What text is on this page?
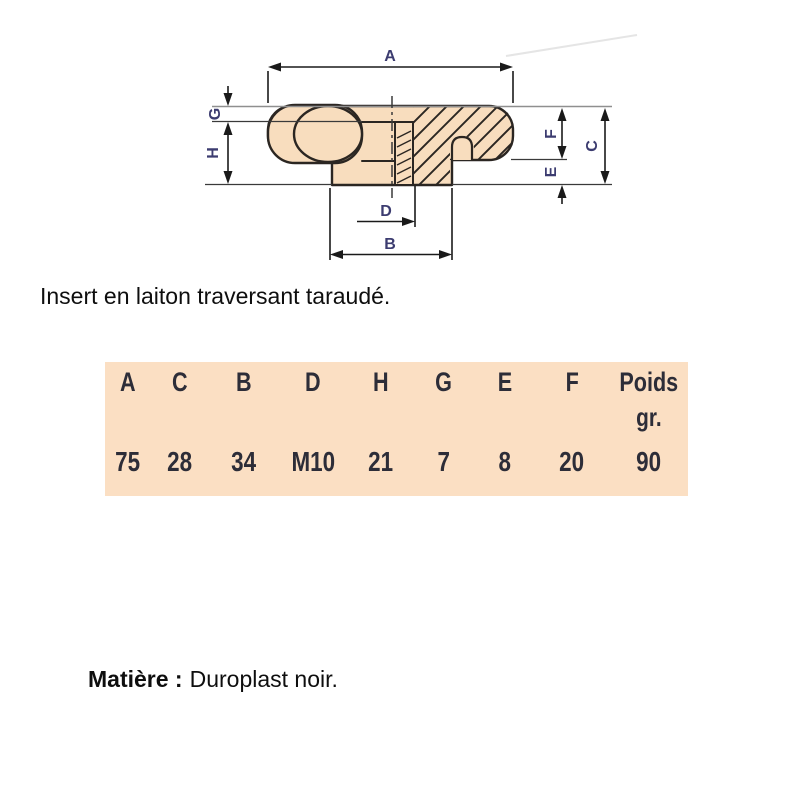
A
G
H
F
E
C
D
B
Insert en laiton traversant taraudé.
A
75
C
28
B
34
D
M10
H
21
G
7
E
8
F
20
Poids
gr.
90
Matière : Duroplast noir.
